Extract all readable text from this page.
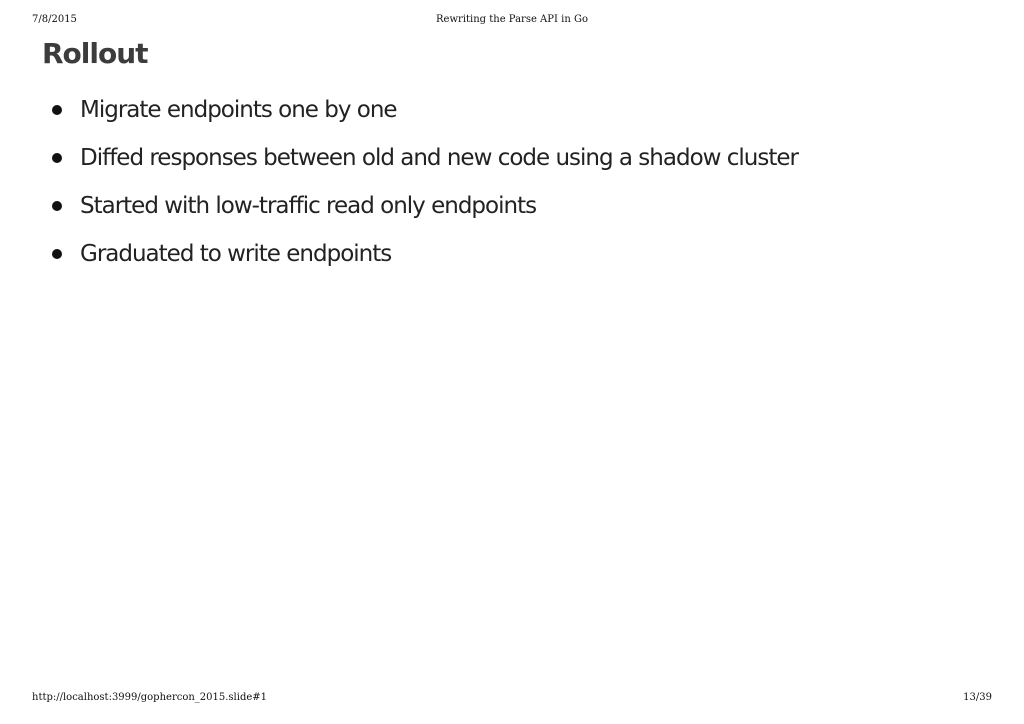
7/8/2015	Rewriting the Parse API in Go
Rollout
Migrate endpoints one by one
Diffed responses between old and new code using a shadow cluster
Started with low-traffic read only endpoints
Graduated to write endpoints
http://localhost:3999/gophercon_2015.slide#1	13/39
